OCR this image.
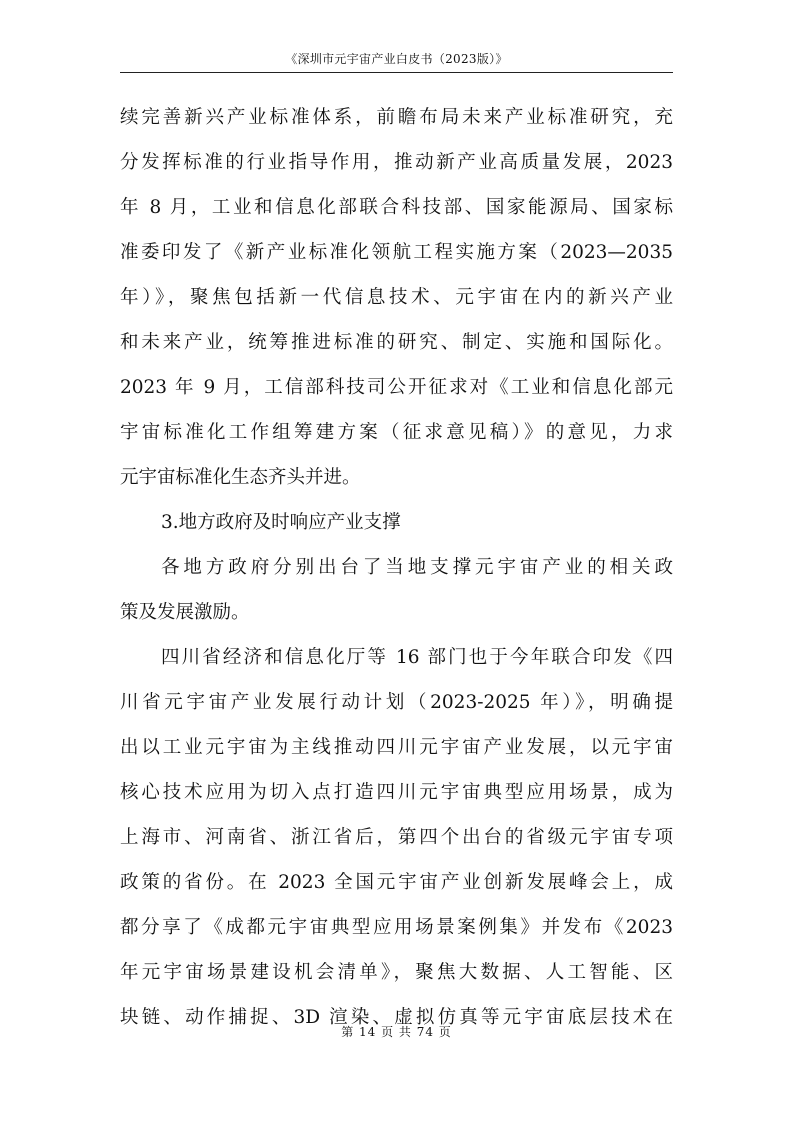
《深圳市元宇宙产业白皮书（2023版）》
续完善新兴产业标准体系，前瞻布局未来产业标准研究，充
分发挥标准的行业指导作用，推动新产业高质量发展，2023
年 8 月，工业和信息化部联合科技部、国家能源局、国家标
准委印发了《新产业标准化领航工程实施方案（2023—2035
年）》，聚焦包括新一代信息技术、元宇宙在内的新兴产业
和未来产业，统筹推进标准的研究、制定、实施和国际化。
2023 年 9 月，工信部科技司公开征求对《工业和信息化部元
宇宙标准化工作组筹建方案（征求意见稿）》的意见，力求
元宇宙标准化生态齐头并进。
3.地方政府及时响应产业支撑
各地方政府分别出台了当地支撑元宇宙产业的相关政
策及发展激励。
四川省经济和信息化厅等 16 部门也于今年联合印发《四
川省元宇宙产业发展行动计划（2023-2025 年）》，明确提
出以工业元宇宙为主线推动四川元宇宙产业发展，以元宇宙
核心技术应用为切入点打造四川元宇宙典型应用场景，成为
上海市、河南省、浙江省后，第四个出台的省级元宇宙专项
政策的省份。在 2023 全国元宇宙产业创新发展峰会上，成
都分享了《成都元宇宙典型应用场景案例集》并发布《2023
年元宇宙场景建设机会清单》，聚焦大数据、人工智能、区
块链、动作捕捉、3D 渲染、虚拟仿真等元宇宙底层技术在
第 14 页 共 74 页
